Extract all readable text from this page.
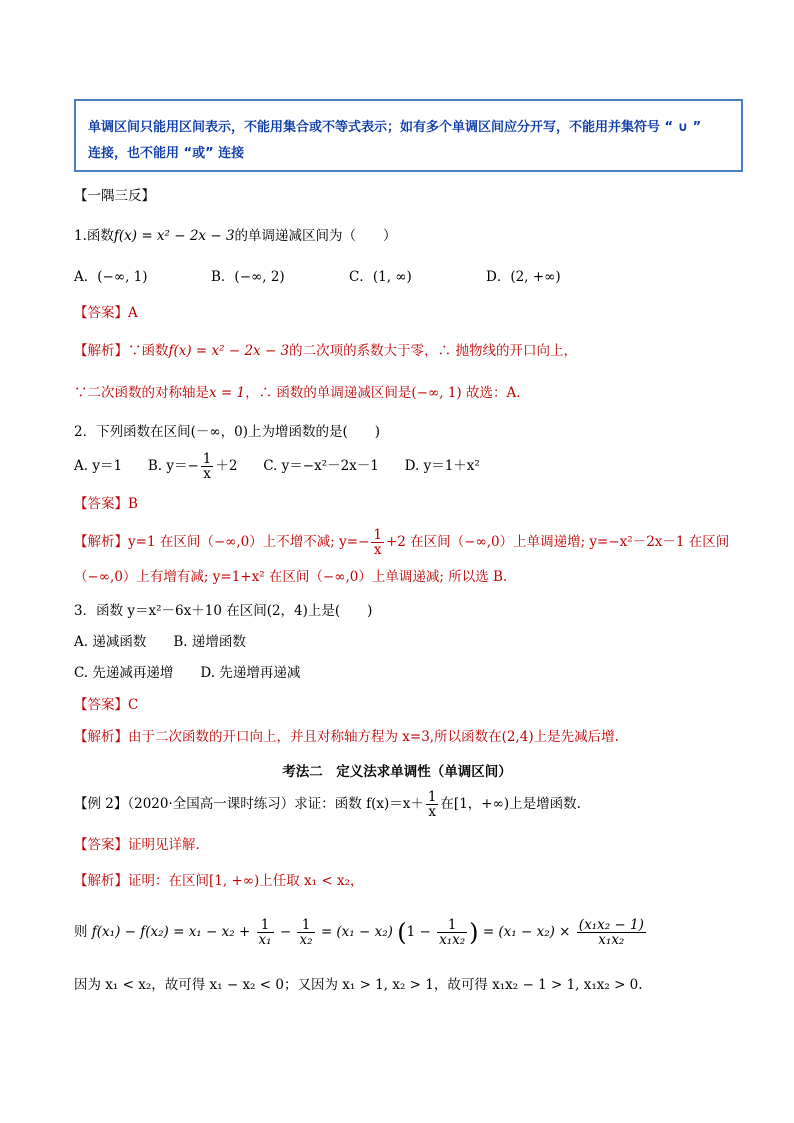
单调区间只能用区间表示，不能用集合或不等式表示；如有多个单调区间应分开写，不能用并集符号 “ ∪ ”
连接，也不能用 “或” 连接
【一隅三反】
1.函数f(x) = x² − 2x − 3的单调递减区间为（　　）
A．(−∞, 1)	B．(−∞, 2)	C．(1, ∞)	D．(2, +∞)
【答案】A
【解析】∵函数f(x) = x² − 2x − 3的二次项的系数大于零，∴ 抛物线的开口向上，
∵二次函数的对称轴是x = 1，∴ 函数的单调递减区间是(−∞, 1) 故选：A．
2．下列函数在区间(－∞，0)上为增函数的是(　　)
A. y＝1 B. $y=- \frac{1}{x} +2$ C. y＝−x²－2x－1 D. y＝1＋x²
【答案】B
【解析】y=1 在区间（−∞,0）上不增不减; $y=- \frac{1}{x} +2$ 在区间（−∞,0）上单调递增; y=−x²－2x－1 在区间
（−∞,0）上有增有减; y=1+x² 在区间（−∞,0）上单调递减; 所以选 B.
3．函数 y＝x²－6x＋10 在区间(2，4)上是(　　)
A. 递减函数　　B. 递增函数
C. 先递减再递增　　D. 先递增再递减
【答案】C
【解析】由于二次函数的开口向上，并且对称轴方程为 x=3,所以函数在(2,4)上是先减后增.
考法二　定义法求单调性（单调区间）
【例 2】（2020·全国高一课时练习）求证：函数 $f(x)=x+ \frac{1}{x}$ 在[1，+∞)上是增函数.
【答案】证明见详解.
【解析】证明：在区间[1, +∞)上任取 x₁ < x₂，
则 $f(x_1) - f(x_2) = x_1 - x_2 + \frac{1}{\text{x₁}} - \frac{1}{\text{x₂}} = (x_1 - x_2) (1 - \frac{1}{\text{x₁x₂}}$ ) = $(x_1 - x_2) \times \frac{\text{(x₁x₂ − 1)}}{\text{x₁x₂}}$
因为 x₁ < x₂，故可得 x₁ − x₂ < 0；又因为 x₁ > 1, x₂ > 1，故可得 x₁x₂ − 1 > 1, x₁x₂ > 0.
